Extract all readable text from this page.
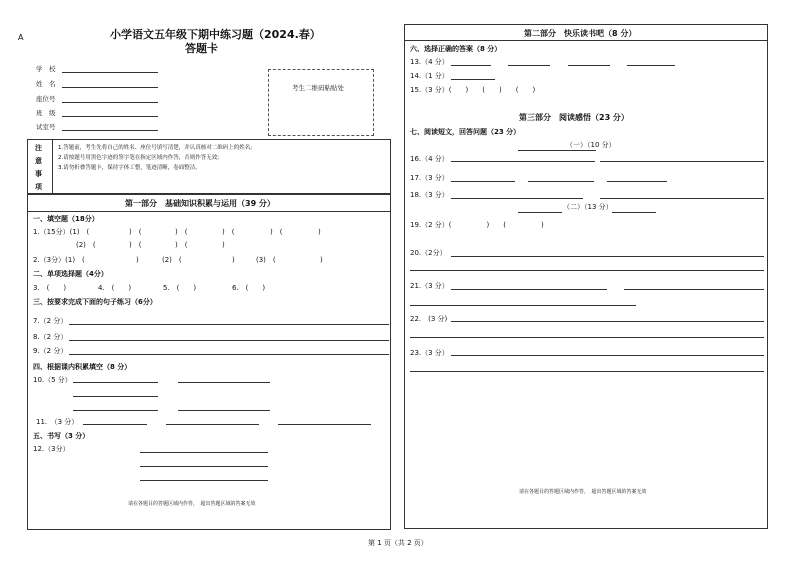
A	小学语文五年级下期中练习题（2024.春）
答题卡
学　校
姓　名
座位号
班　级
试室号
考生二维码粘贴处
注
意
事
项
1.答题前，考生先将自己的姓名、座位号填写清楚，并认真核对二维码上的姓名;
2.请按题号用黑色字迹的签字笔在指定区域内作答，否则作答无效;
3.请勿折叠答题卡，保持字体工整，笔迹清晰，卷面整洁。
第一部分　基础知识积累与运用（39 分）
一、填空题（18分）
1.（15分）(1)　(	)　(	)　(	)　(	)　(	)
(2)　(	)　(	)　(	)
2.（3分）(1)　(	)	(2)　(	)	(3)　(	)
二、单项选择题（4分）
3.　(　　)	4.　(　　)	5.　(　　)	6.　(　　)
三、按要求完成下面的句子练习（6分）
7.（2 分）
8.（2 分）
9.（2 分）
四、根据课内积累填空（8 分）
10.（5 分）
11.　（3 分）
五、书写（3 分）
12.（3分）
请在各题目的答题区域内作答，　超出答题区域的答案无效
第二部分　快乐读书吧（8 分）
六、选择正确的答案（8 分）
13.（4 分）
14.（1 分）
15.（3 分）(　　)　　(　　)　　(　　)
第三部分　阅读感悟（23 分）
七、阅读短文，回答问题（23 分）
（一）（10 分）
16.（4 分）
17.（3 分）
18.（3 分）
（二）（13 分）
19.（2 分）(　　　　　)　　(　　　　　)
20.（2分）
21.（3 分）
22.　(3 分)
23.（3 分）
请在各题目的答题区域内作答，　超出答题区域的答案无效
第 1 页（共 2 页）
